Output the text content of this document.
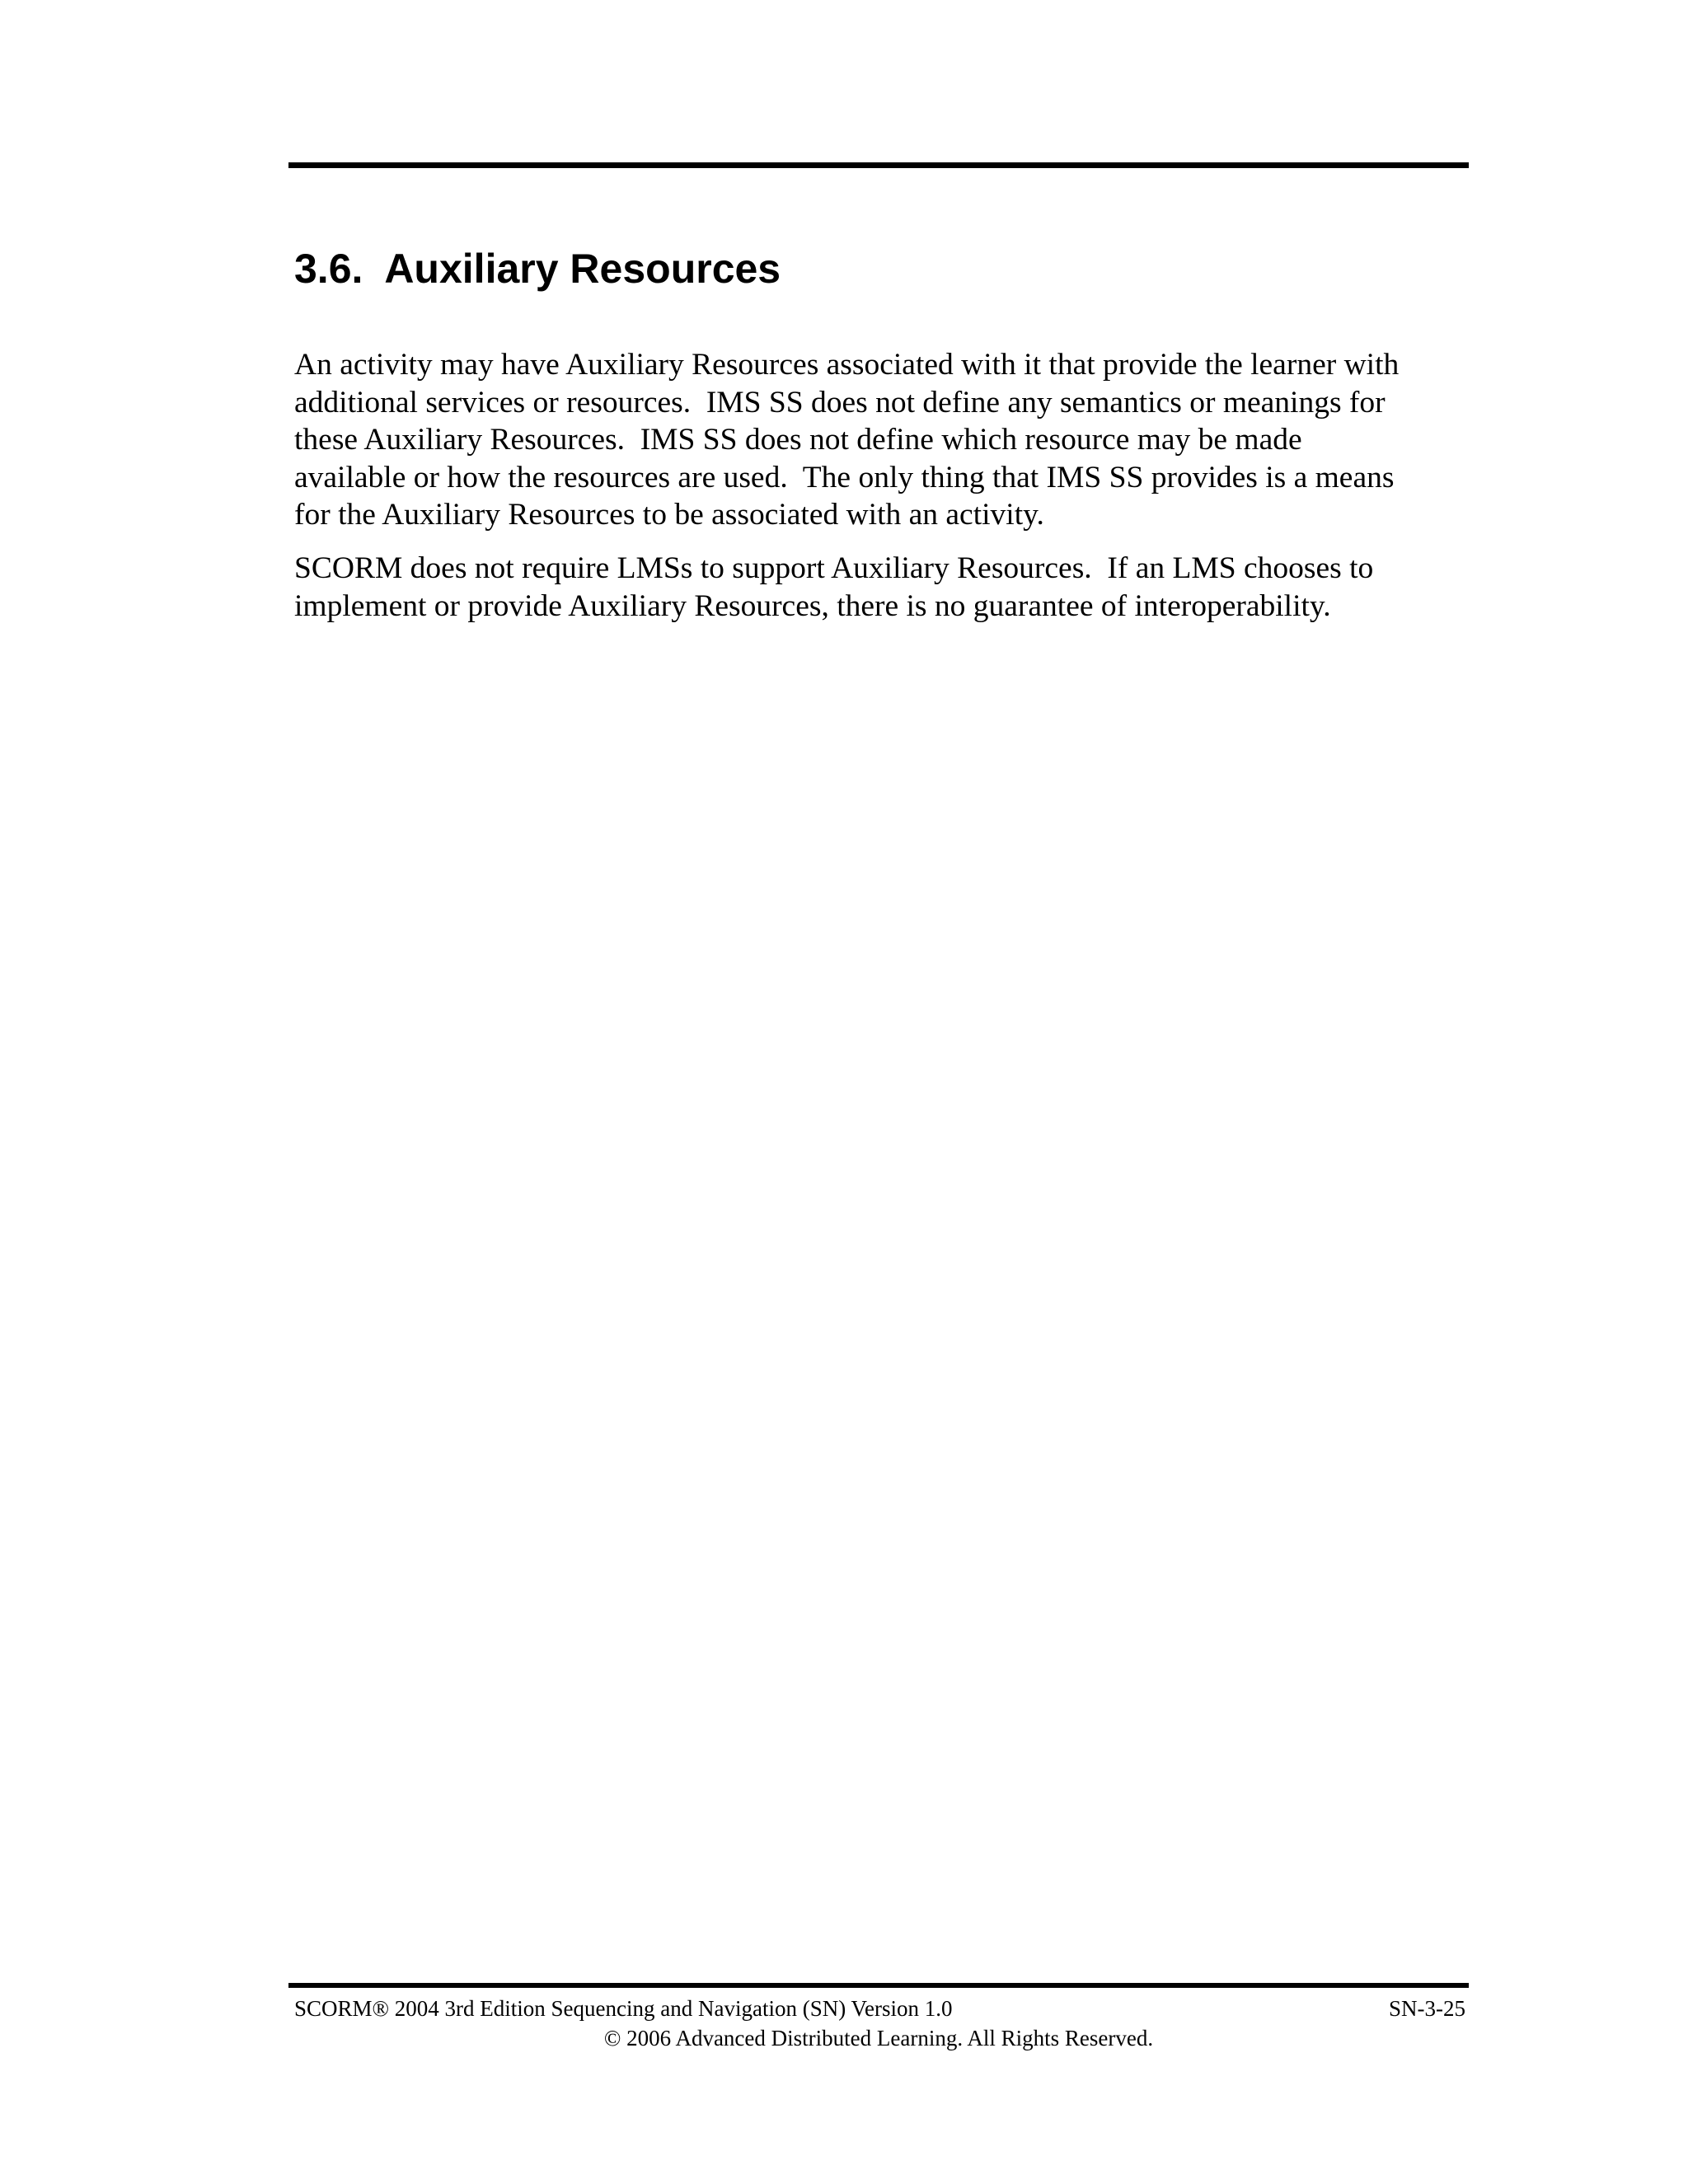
3.6.  Auxiliary Resources

An activity may have Auxiliary Resources associated with it that provide the learner with
additional services or resources.  IMS SS does not define any semantics or meanings for
these Auxiliary Resources.  IMS SS does not define which resource may be made
available or how the resources are used.  The only thing that IMS SS provides is a means
for the Auxiliary Resources to be associated with an activity.

SCORM does not require LMSs to support Auxiliary Resources.  If an LMS chooses to
implement or provide Auxiliary Resources, there is no guarantee of interoperability.

SCORM® 2004 3rd Edition Sequencing and Navigation (SN) Version 1.0	SN-3-25
© 2006 Advanced Distributed Learning. All Rights Reserved.
